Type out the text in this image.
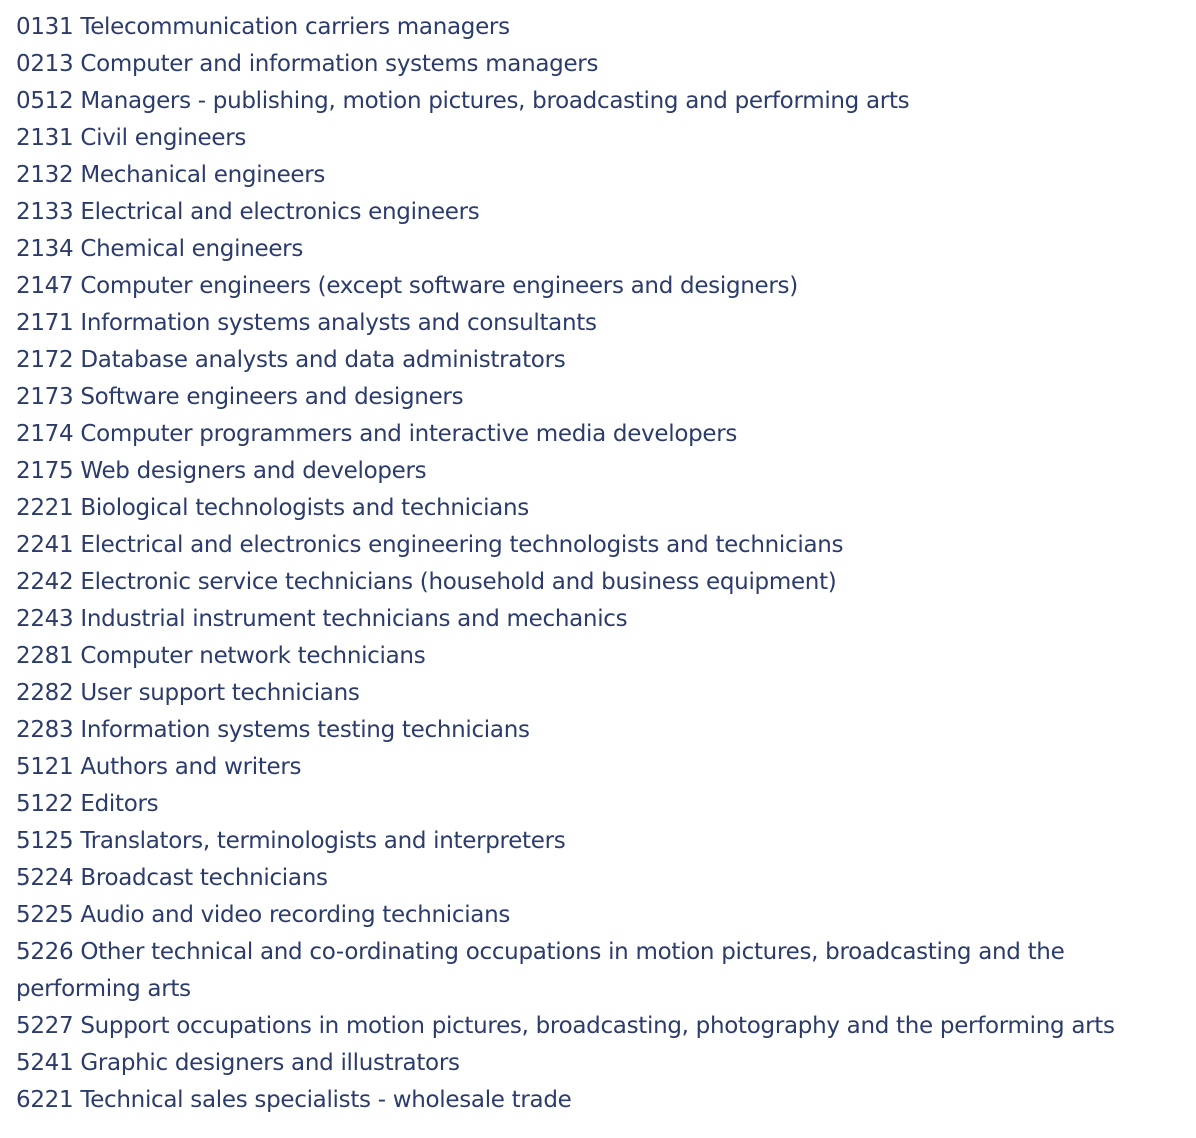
0131 Telecommunication carriers managers
0213 Computer and information systems managers
0512 Managers - publishing, motion pictures, broadcasting and performing arts
2131 Civil engineers
2132 Mechanical engineers
2133 Electrical and electronics engineers
2134 Chemical engineers
2147 Computer engineers (except software engineers and designers)
2171 Information systems analysts and consultants
2172 Database analysts and data administrators
2173 Software engineers and designers
2174 Computer programmers and interactive media developers
2175 Web designers and developers
2221 Biological technologists and technicians
2241 Electrical and electronics engineering technologists and technicians
2242 Electronic service technicians (household and business equipment)
2243 Industrial instrument technicians and mechanics
2281 Computer network technicians
2282 User support technicians
2283 Information systems testing technicians
5121 Authors and writers
5122 Editors
5125 Translators, terminologists and interpreters
5224 Broadcast technicians
5225 Audio and video recording technicians
5226 Other technical and co-ordinating occupations in motion pictures, broadcasting and the performing arts
5227 Support occupations in motion pictures, broadcasting, photography and the performing arts
5241 Graphic designers and illustrators
6221 Technical sales specialists - wholesale trade
